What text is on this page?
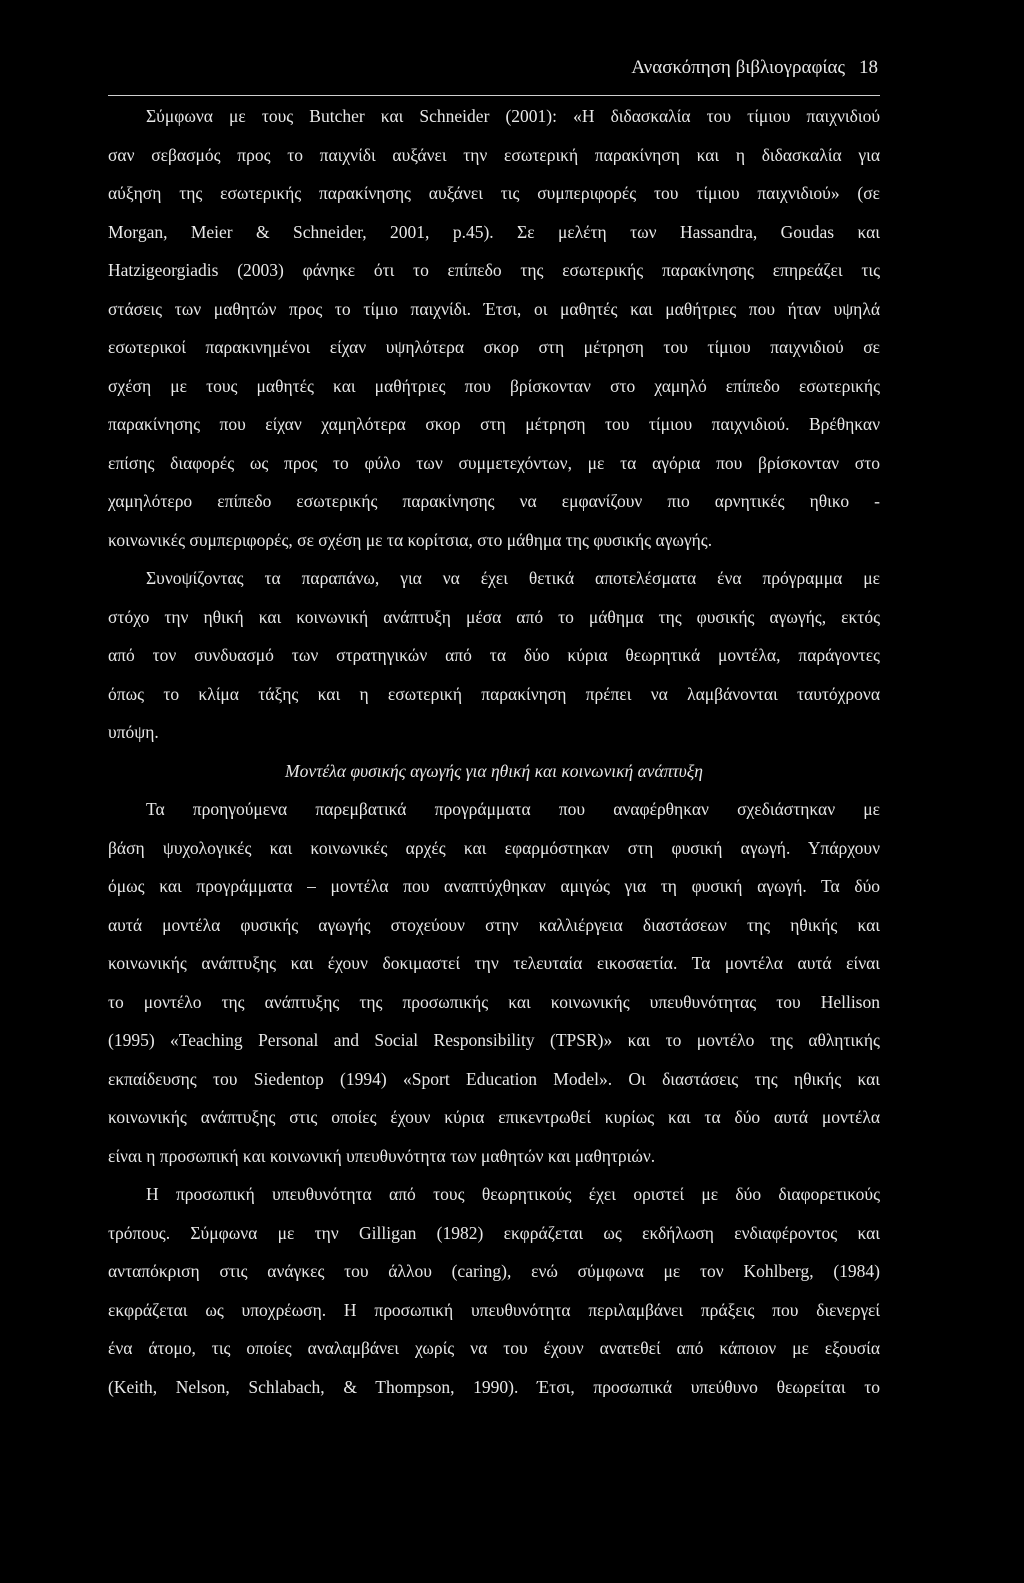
Ανασκόπηση βιβλιογραφίας 18
Σύμφωνα με τους Butcher και Schneider (2001): «Η διδασκαλία του τίμιου παιχνιδιού
σαν σεβασμός προς το παιχνίδι αυξάνει την εσωτερική παρακίνηση και η διδασκαλία για
αύξηση της εσωτερικής παρακίνησης αυξάνει τις συμπεριφορές του τίμιου παιχνιδιού» (σε
Morgan, Meier & Schneider, 2001, p.45). Σε μελέτη των Hassandra, Goudas και
Hatzigeorgiadis (2003) φάνηκε ότι το επίπεδο της εσωτερικής παρακίνησης επηρεάζει τις
στάσεις των μαθητών προς το τίμιο παιχνίδι. Έτσι, οι μαθητές και μαθήτριες που ήταν υψηλά
εσωτερικοί παρακινημένοι είχαν υψηλότερα σκορ στη μέτρηση του τίμιου παιχνιδιού σε
σχέση με τους μαθητές και μαθήτριες που βρίσκονταν στο χαμηλό επίπεδο εσωτερικής
παρακίνησης που είχαν χαμηλότερα σκορ στη μέτρηση του τίμιου παιχνιδιού. Βρέθηκαν
επίσης διαφορές ως προς το φύλο των συμμετεχόντων, με τα αγόρια που βρίσκονταν στο
χαμηλότερο επίπεδο εσωτερικής παρακίνησης να εμφανίζουν πιο αρνητικές ηθικο -
κοινωνικές συμπεριφορές, σε σχέση με τα κορίτσια, στο μάθημα της φυσικής αγωγής.
Συνοψίζοντας τα παραπάνω, για να έχει θετικά αποτελέσματα ένα πρόγραμμα με
στόχο την ηθική και κοινωνική ανάπτυξη μέσα από το μάθημα της φυσικής αγωγής, εκτός
από τον συνδυασμό των στρατηγικών από τα δύο κύρια θεωρητικά μοντέλα, παράγοντες
όπως το κλίμα τάξης και η εσωτερική παρακίνηση πρέπει να λαμβάνονται ταυτόχρονα
υπόψη.
Μοντέλα φυσικής αγωγής για ηθική και κοινωνική ανάπτυξη
Τα προηγούμενα παρεμβατικά προγράμματα που αναφέρθηκαν σχεδιάστηκαν με
βάση ψυχολογικές και κοινωνικές αρχές και εφαρμόστηκαν στη φυσική αγωγή. Υπάρχουν
όμως και προγράμματα – μοντέλα που αναπτύχθηκαν αμιγώς για τη φυσική αγωγή. Τα δύο
αυτά μοντέλα φυσικής αγωγής στοχεύουν στην καλλιέργεια διαστάσεων της ηθικής και
κοινωνικής ανάπτυξης και έχουν δοκιμαστεί την τελευταία εικοσαετία. Τα μοντέλα αυτά είναι
το μοντέλο της ανάπτυξης της προσωπικής και κοινωνικής υπευθυνότητας του Hellison
(1995) «Teaching Personal and Social Responsibility (TPSR)» και το μοντέλο της αθλητικής
εκπαίδευσης του Siedentop (1994) «Sport Education Model». Οι διαστάσεις της ηθικής και
κοινωνικής ανάπτυξης στις οποίες έχουν κύρια επικεντρωθεί κυρίως και τα δύο αυτά μοντέλα
είναι η προσωπική και κοινωνική υπευθυνότητα των μαθητών και μαθητριών.
Η προσωπική υπευθυνότητα από τους θεωρητικούς έχει οριστεί με δύο διαφορετικούς
τρόπους. Σύμφωνα με την Gilligan (1982) εκφράζεται ως εκδήλωση ενδιαφέροντος και
ανταπόκριση στις ανάγκες του άλλου (caring), ενώ σύμφωνα με τον Kohlberg, (1984)
εκφράζεται ως υποχρέωση. Η προσωπική υπευθυνότητα περιλαμβάνει πράξεις που διενεργεί
ένα άτομο, τις οποίες αναλαμβάνει χωρίς να του έχουν ανατεθεί από κάποιον με εξουσία
(Keith, Nelson, Schlabach, & Thompson, 1990). Έτσι, προσωπικά υπεύθυνο θεωρείται το
